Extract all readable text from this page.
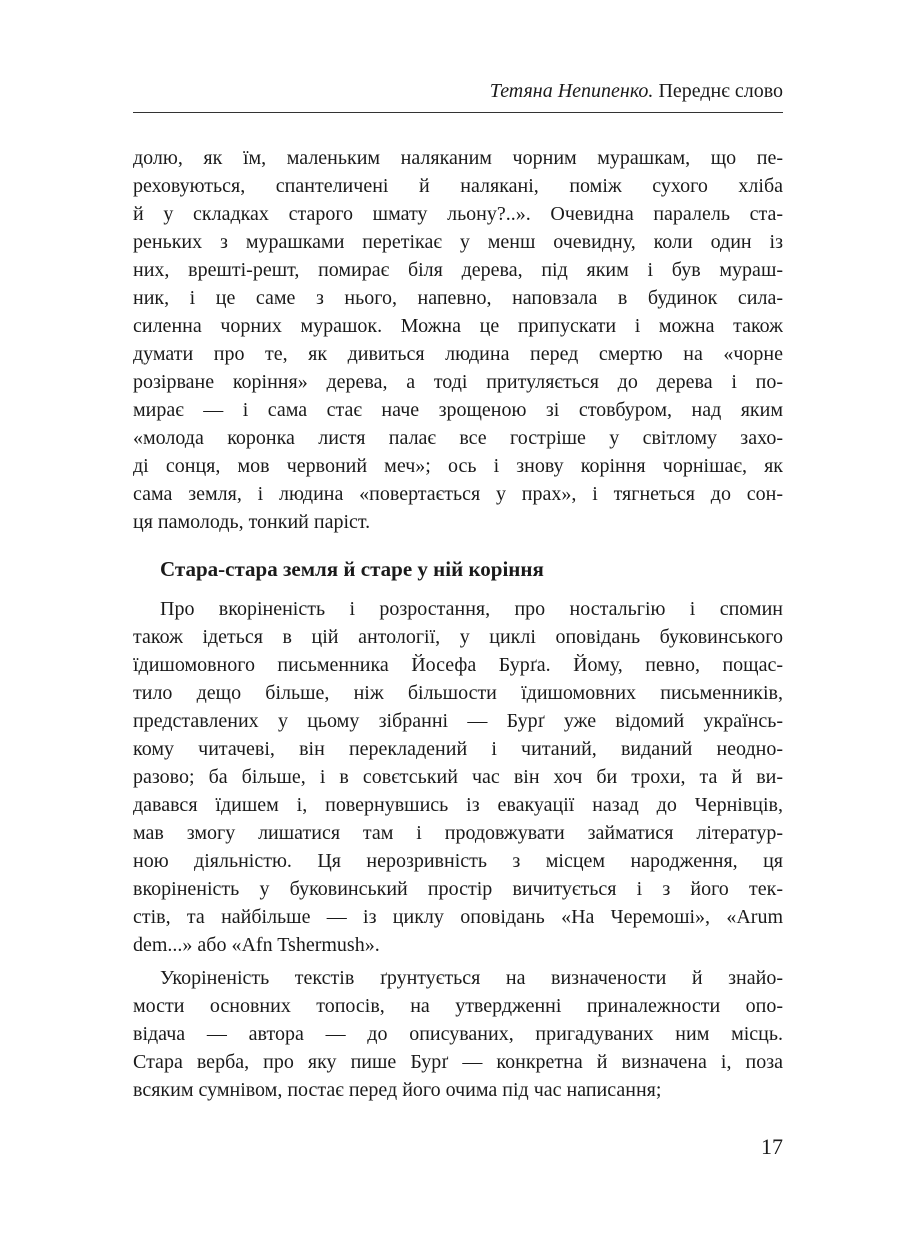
Тетяна Непипенко. Переднє слово
долю, як їм, маленьким наляканим чорним мурашкам, що пе-
реховуються, спантеличені й налякані, поміж сухого хліба
й у складках старого шмату льону?..». Очевидна паралель ста-
реньких з мурашками перетікає у менш очевидну, коли один із
них, врешті-решт, помирає біля дерева, під яким і був мураш-
ник, і це саме з нього, напевно, наповзала в будинок сила-
силенна чорних мурашок. Можна це припускати і можна також
думати про те, як дивиться людина перед смертю на «чорне
розірване коріння» дерева, а тоді притуляється до дерева і по-
мирає — і сама стає наче зрощеною зі стовбуром, над яким
«молода коронка листя палає все гостріше у світлому захо-
ді сонця, мов червоний меч»; ось і знову коріння чорнішає, як
сама земля, і людина «повертається у прах», і тягнеться до сон-
ця памолодь, тонкий паріст.
Стара-стара земля й старе у ній коріння
Про вкоріненість і розростання, про ностальгію і спомин
також ідеться в цій антології, у циклі оповідань буковинського
їдишомовного письменника Йосефа Бурґа. Йому, певно, пощас-
тило дещо більше, ніж більшости їдишомовних письменників,
представлених у цьому зібранні — Бурґ уже відомий українсь-
кому читачеві, він перекладений і читаний, виданий неодно-
разово; ба більше, і в совєтський час він хоч би трохи, та й ви-
давався їдишем і, повернувшись із евакуації назад до Чернівців,
мав змогу лишатися там і продовжувати займатися літератур-
ною діяльністю. Ця нерозривність з місцем народження, ця
вкоріненість у буковинський простір вичитується і з його тек-
стів, та найбільше — із циклу оповідань «На Черемоші», «Arum
dem...» або «Afn Tshermush».
Укоріненість текстів ґрунтується на визначености й знайо-
мости основних топосів, на утвердженні приналежности опо-
відача — автора — до описуваних, пригадуваних ним місць.
Стара верба, про яку пише Бурґ — конкретна й визначена і, поза
всяким сумнівом, постає перед його очима під час написання;
17
